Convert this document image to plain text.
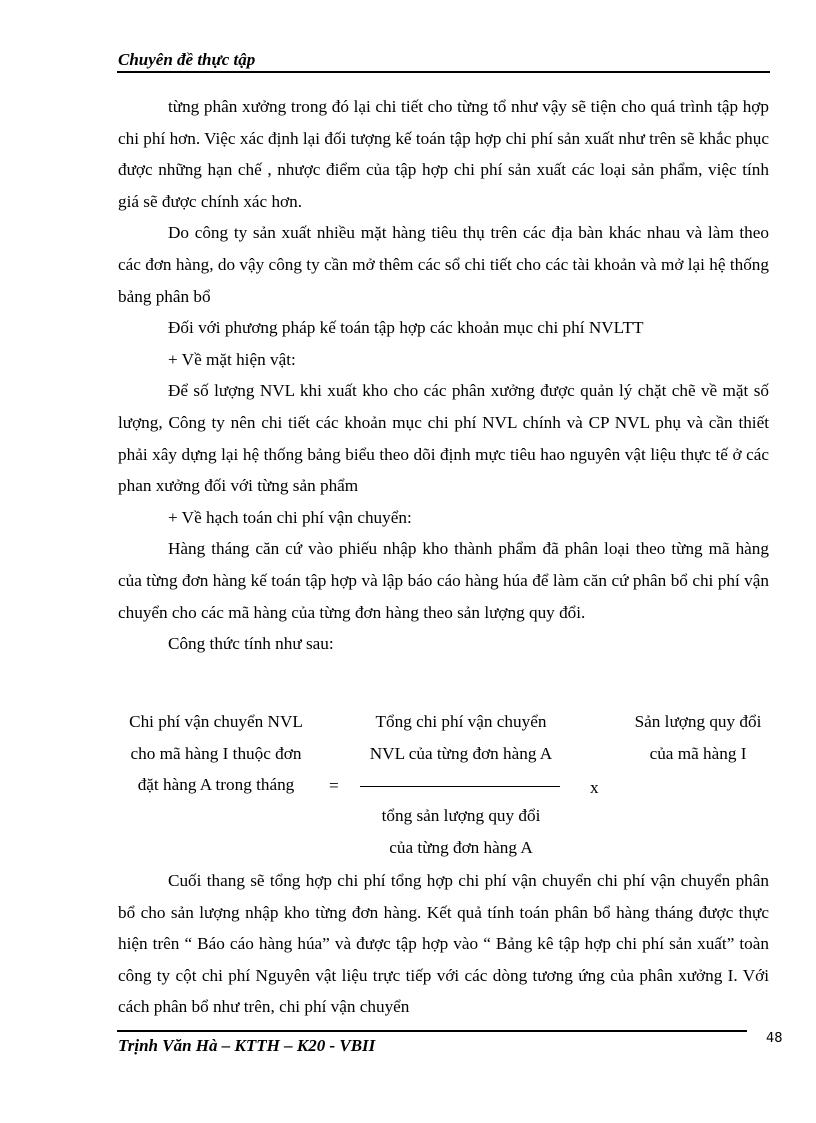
Chuyên đề thực tập

từng phân xưởng trong đó lại chi tiết cho từng tổ như vậy sẽ tiện cho quá trình tập hợp chi phí hơn. Việc xác định lại đối tượng kế toán tập hợp chi phí sản xuất như trên sẽ khắc phục được những hạn chế , nhược điểm của tập hợp chi phí sản xuất các loại sản phẩm, việc tính giá sẽ được chính xác hơn.

Do công ty sản xuất nhiều mặt hàng tiêu thụ trên các địa bàn khác nhau và làm theo các đơn hàng, do vậy công ty cần mở thêm các sổ chi tiết cho các tài khoản và mở lại hệ thống bảng phân bổ

Đối với phương pháp kế toán tập hợp các khoản mục chi phí NVLTT

+ Về mặt hiện vật:

Để số lượng NVL khi xuất kho cho các phân xưởng được quản lý chặt chẽ về mặt số lượng, Công ty nên chi tiết các khoản mục chi phí NVL chính và CP NVL phụ và cần thiết phải xây dựng lại hệ thống bảng biểu theo dõi định mực tiêu hao nguyên vật liệu thực tế ở các phan xưởng đối với từng sản phẩm

+ Về hạch toán chi phí vận chuyển:

Hàng tháng căn cứ vào phiếu nhập kho thành phẩm đã phân loại theo từng mã hàng của từng đơn hàng kế toán tập hợp và lập báo cáo hàng húa để làm căn cứ phân bổ chi phí vận chuyển cho các mã hàng của từng đơn hàng theo sản lượng quy đổi.

Công thức tính như sau:

Chi phí vận chuyển NVL
cho mã hàng I thuộc đơn
đặt hàng A trong tháng	=
Tổng chi phí vận chuyển
NVL của từng đơn hàng A
tổng sản lượng quy đổi
của từng đơn hàng A
x
Sản lượng quy đổi
của mã hàng I

Cuối thang sẽ tổng hợp chi phí tổng hợp chi phí vận chuyển chi phí vận chuyển phân bổ cho sản lượng nhập kho từng đơn hàng. Kết quả tính toán phân bổ hàng tháng được thực hiện trên “ Báo cáo hàng húa” và được tập hợp vào “ Bảng kê tập hợp chi phí sản xuất” toàn công ty cột chi phí Nguyên vật liệu trực tiếp với các dòng tương ứng của phân xưởng I. Với cách phân bổ như trên, chi phí vận chuyển

Trịnh Văn Hà – KTTH – K20 - VBII	48
